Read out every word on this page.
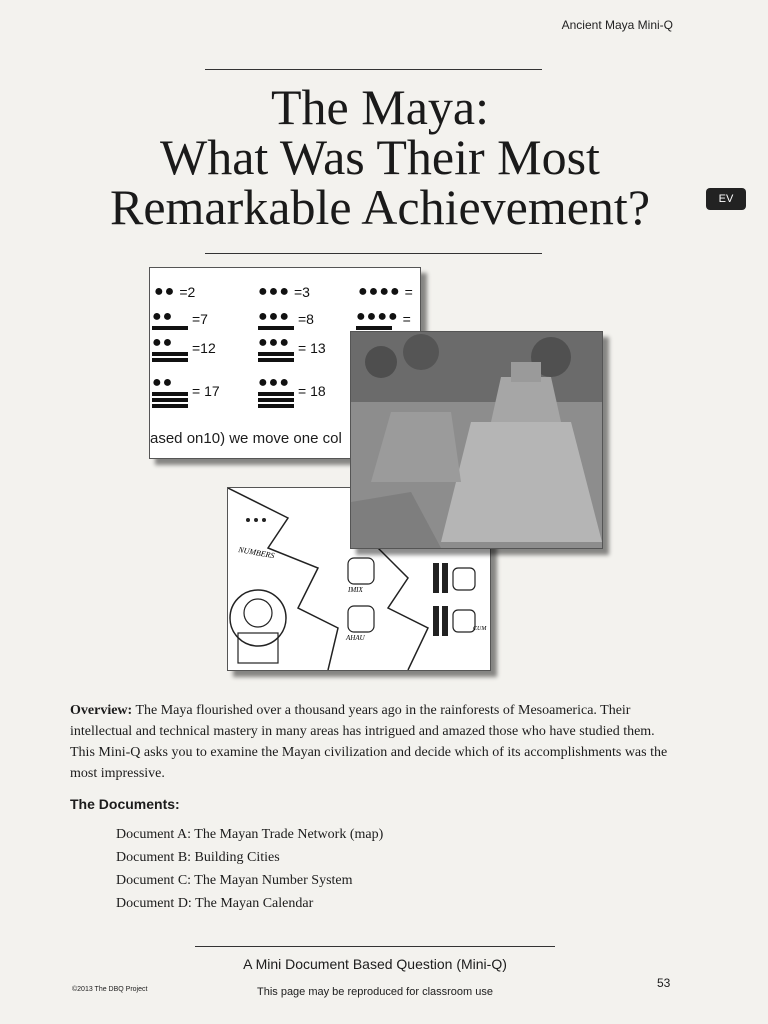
Ancient Maya Mini-Q
The Maya:
What Was Their Most
Remarkable Achievement?	EV
●● =2	●●● =3	●●●● =
●●	=7	●●● =8	●●●● =
●●	=12	●●● = 13
●●	= 17 ●●● = 18
ased on10) we move one col
NUMBERS
IMIX
AHAU
CUM
Overview: The Maya flourished over a thousand years ago in the rainforests of Mesoamerica. Their intellectual and technical mastery in many areas has intrigued and amazed those who have studied them. This Mini-Q asks you to examine the Mayan civilization and decide which of its accomplishments was the most impressive.
The Documents:
Document A: The Mayan Trade Network (map)
Document B: Building Cities
Document C: The Mayan Number System
Document D: The Mayan Calendar
A Mini Document Based Question (Mini-Q)
This page may be reproduced for classroom use
©2013 The DBQ Project	53
